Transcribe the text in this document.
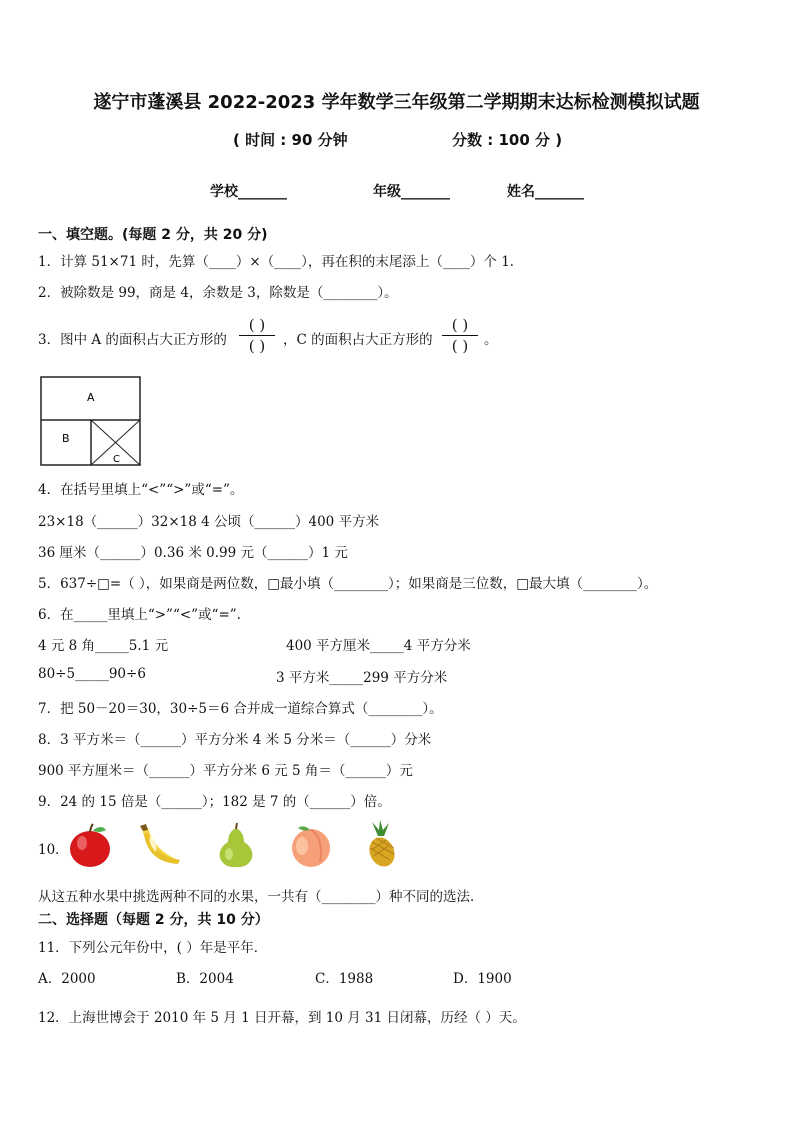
遂宁市蓬溪县 2022-2023 学年数学三年级第二学期期末达标检测模拟试题
( 时间 : 90 分钟	分数 : 100 分 )
学校_______	年级_______	姓名_______
一、填空题。(每题 2 分，共 20 分)
1．计算 51×71 时，先算（____）×（____），再在积的末尾添上（____）个 1．
2．被除数是 99，商是 4，余数是 3，除数是（________）。
3．图中 A 的面积占大正方形的
( )
( )	，C 的面积占大正方形的
( )
( )	。
A
B
C
4．在括号里填上“<”“>”或“=”。
23×18（______）32×18 4 公顷（______）400 平方米
36 厘米（______）0.36 米 0.99 元（______）1 元
5．637÷□=（ ），如果商是两位数，□最小填（________）；如果商是三位数，□最大填（________）。
6．在_____里填上“>”“<”或“=”.
4 元 8 角_____5.1 元	400 平方厘米_____4 平方分米
80÷5_____90÷6	3 平方米_____299 平方分米
7．把 50－20＝30，30÷5＝6 合并成一道综合算式（________）。
8．3 平方米＝（______）平方分米 4 米 5 分米＝（______）分米
900 平方厘米＝（______）平方分米 6 元 5 角＝（______）元
9．24 的 15 倍是（______）；182 是 7 的（______）倍。
10．
从这五种水果中挑选两种不同的水果，一共有（________）种不同的选法．
二、选择题（每题 2 分，共 10 分）
11．下列公元年份中，( ）年是平年．
A．2000	B．2004	C．1988	D．1900
12．上海世博会于 2010 年 5 月 1 日开幕，到 10 月 31 日闭幕，历经（ ）天。
